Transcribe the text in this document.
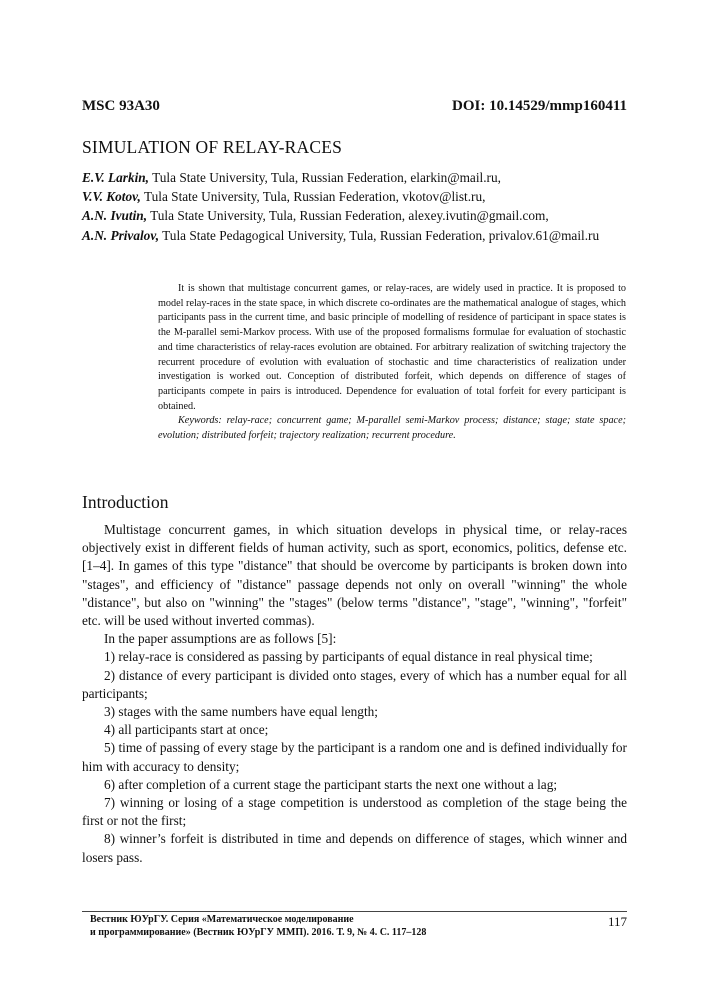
MSC 93A30	DOI: 10.14529/mmp160411
SIMULATION OF RELAY-RACES
E.V. Larkin, Tula State University, Tula, Russian Federation, elarkin@mail.ru,
V.V. Kotov, Tula State University, Tula, Russian Federation, vkotov@list.ru,
A.N. Ivutin, Tula State University, Tula, Russian Federation, alexey.ivutin@gmail.com,
A.N. Privalov, Tula State Pedagogical University, Tula, Russian Federation, privalov.61@mail.ru

It is shown that multistage concurrent games, or relay-races, are widely used in practice. It is proposed to model relay-races in the state space, in which discrete co-ordinates are the mathematical analogue of stages, which participants pass in the current time, and basic principle of modelling of residence of participant in space states is the M-parallel semi-Markov process. With use of the proposed formalisms formulae for evaluation of stochastic and time characteristics of relay-races evolution are obtained. For arbitrary realization of switching trajectory the recurrent procedure of evolution with evaluation of stochastic and time characteristics of realization under investigation is worked out. Conception of distributed forfeit, which depends on difference of stages of participants compete in pairs is introduced. Dependence for evaluation of total forfeit for every participant is obtained.

Keywords: relay-race; concurrent game; M-parallel semi-Markov process; distance; stage; state space; evolution; distributed forfeit; trajectory realization; recurrent procedure.

Introduction

Multistage concurrent games, in which situation develops in physical time, or relay-races objectively exist in different fields of human activity, such as sport, economics, politics, defense etc. [1–4]. In games of this type "distance" that should be overcome by participants is broken down into "stages", and efficiency of "distance" passage depends not only on overall "winning" the whole "distance", but also on "winning" the "stages" (below terms "distance", "stage", "winning", "forfeit" etc. will be used without inverted commas).

In the paper assumptions are as follows [5]:

1) relay-race is considered as passing by participants of equal distance in real physical time;

2) distance of every participant is divided onto stages, every of which has a number equal for all participants;

3) stages with the same numbers have equal length;

4) all participants start at once;

5) time of passing of every stage by the participant is a random one and is defined individually for him with accuracy to density;

6) after completion of a current stage the participant starts the next one without a lag;

7) winning or losing of a stage competition is understood as completion of the stage being the first or not the first;

8) winner’s forfeit is distributed in time and depends on difference of stages, which winner and losers pass.

Вестник ЮУрГУ. Серия «Математическое моделирование
и программирование» (Вестник ЮУрГУ ММП). 2016. Т. 9, № 4. С. 117–128
117
